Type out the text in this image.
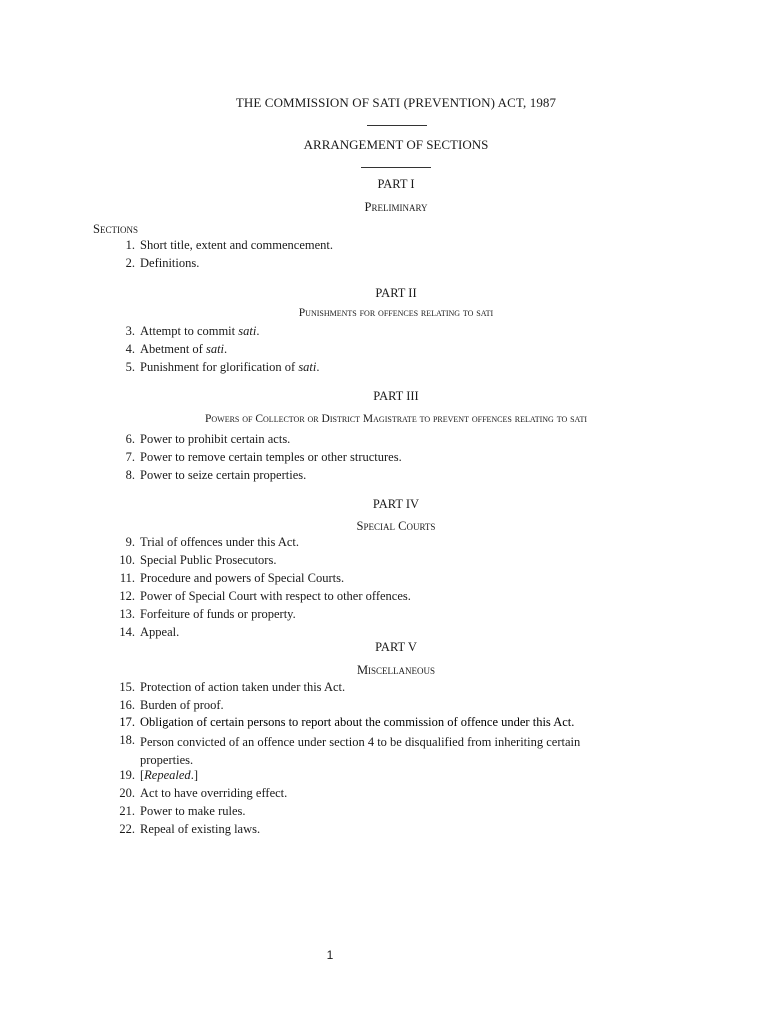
THE COMMISSION OF SATI (PREVENTION) ACT, 1987
ARRANGEMENT OF SECTIONS
PART I
Preliminary
Sections
1. Short title, extent and commencement.
2. Definitions.
3. Attempt to commit sati.
4. Abetment of sati.
5. Punishment for glorification of sati.
6. Power to prohibit certain acts.
7. Power to remove certain temples or other structures.
8. Power to seize certain properties.
9. Trial of offences under this Act.
10. Special Public Prosecutors.
11. Procedure and powers of Special Courts.
12. Power of Special Court with respect to other offences.
13. Forfeiture of funds or property.
14. Appeal.
15. Protection of action taken under this Act.
16. Burden of proof.
17. Obligation of certain persons to report about the commission of offence under this Act.
18. Person convicted of an offence under section 4 to be disqualified from inheriting certain
properties.
19. [Repealed.]
20. Act to have overriding effect.
21. Power to make rules.
22. Repeal of existing laws.
PART II
Punishments for offences relating to sati
PART III
Powers of Collector or District Magistrate to prevent offences relating to sati
PART IV
Special Courts
PART V
Miscellaneous
1
